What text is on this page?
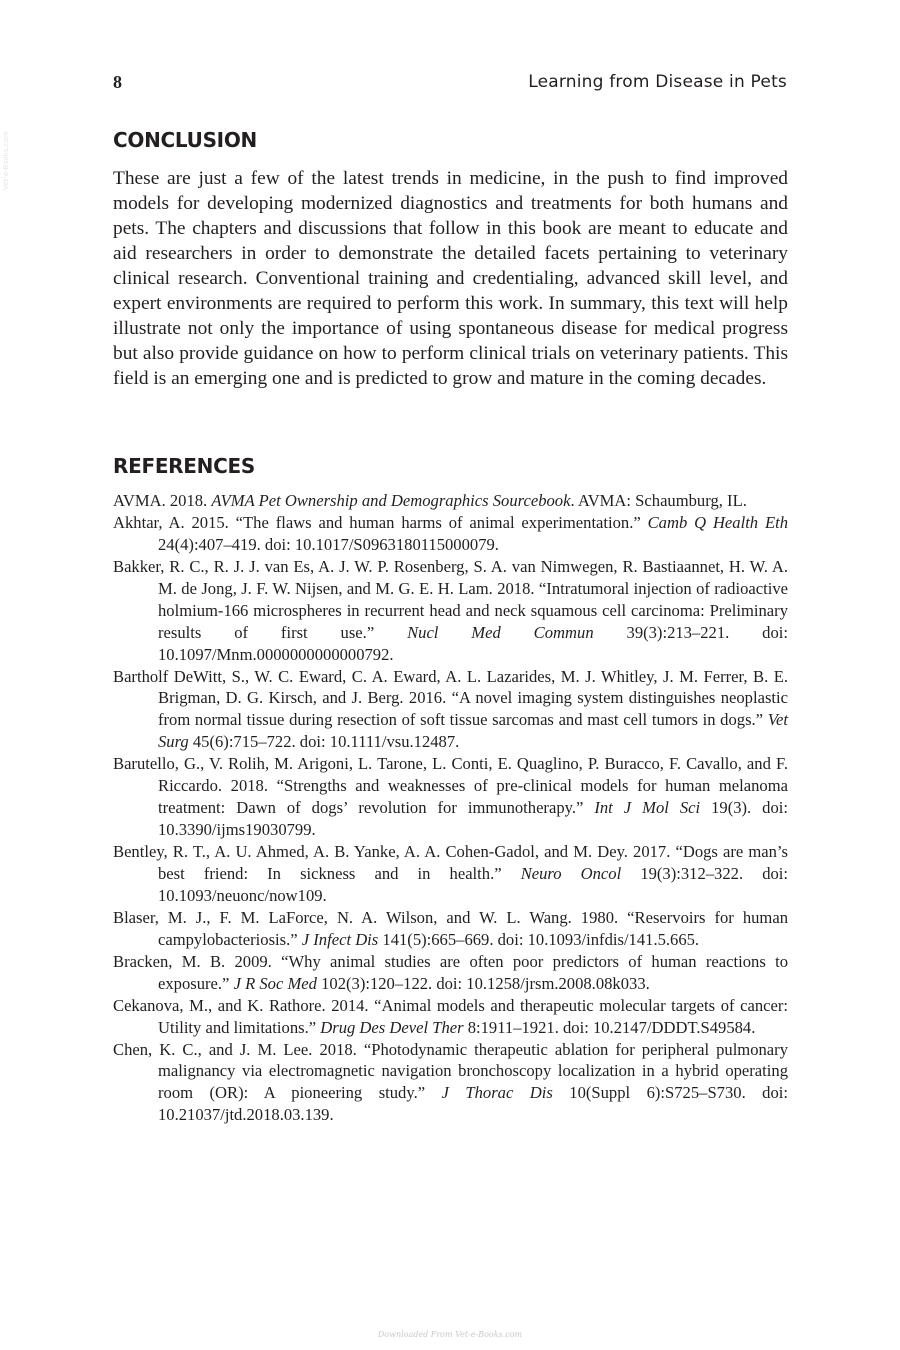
Vet-e-Books.com
8	Learning from Disease in Pets
CONCLUSION

These are just a few of the latest trends in medicine, in the push to find improved models for developing modernized diagnostics and treatments for both humans and pets. The chapters and discussions that follow in this book are meant to educate and aid researchers in order to demonstrate the detailed facets pertaining to veterinary clinical research. Conventional training and credentialing, advanced skill level, and expert environments are required to perform this work. In summary, this text will help illustrate not only the importance of using spontaneous disease for medical progress but also provide guidance on how to perform clinical trials on veterinary patients. This field is an emerging one and is predicted to grow and mature in the coming decades.

REFERENCES
AVMA. 2018. AVMA Pet Ownership and Demographics Sourcebook. AVMA: Schaumburg, IL.
Akhtar, A. 2015. “The flaws and human harms of animal experimentation.” Camb Q Health Eth 24(4):407–419. doi: 10.1017/S0963180115000079.
Bakker, R. C., R. J. J. van Es, A. J. W. P. Rosenberg, S. A. van Nimwegen, R. Bastiaannet, H. W. A. M. de Jong, J. F. W. Nijsen, and M. G. E. H. Lam. 2018. “Intratumoral injection of radioactive holmium-166 microspheres in recurrent head and neck squamous cell carcinoma: Preliminary results of first use.” Nucl Med Commun 39(3):213–221. doi: 10.1097/Mnm.0000000000000792.
Bartholf DeWitt, S., W. C. Eward, C. A. Eward, A. L. Lazarides, M. J. Whitley, J. M. Ferrer, B. E. Brigman, D. G. Kirsch, and J. Berg. 2016. “A novel imaging system distinguishes neoplastic from normal tissue during resection of soft tissue sarcomas and mast cell tumors in dogs.” Vet Surg 45(6):715–722. doi: 10.1111/vsu.12487.
Barutello, G., V. Rolih, M. Arigoni, L. Tarone, L. Conti, E. Quaglino, P. Buracco, F. Cavallo, and F. Riccardo. 2018. “Strengths and weaknesses of pre-clinical models for human melanoma treatment: Dawn of dogs’ revolution for immunotherapy.” Int J Mol Sci 19(3). doi: 10.3390/ijms19030799.
Bentley, R. T., A. U. Ahmed, A. B. Yanke, A. A. Cohen-Gadol, and M. Dey. 2017. “Dogs are man’s best friend: In sickness and in health.” Neuro Oncol 19(3):312–322. doi: 10.1093/neuonc/now109.
Blaser, M. J., F. M. LaForce, N. A. Wilson, and W. L. Wang. 1980. “Reservoirs for human campylobacteriosis.” J Infect Dis 141(5):665–669. doi: 10.1093/infdis/141.5.665.
Bracken, M. B. 2009. “Why animal studies are often poor predictors of human reactions to exposure.” J R Soc Med 102(3):120–122. doi: 10.1258/jrsm.2008.08k033.
Cekanova, M., and K. Rathore. 2014. “Animal models and therapeutic molecular targets of cancer: Utility and limitations.” Drug Des Devel Ther 8:1911–1921. doi: 10.2147/DDDT.S49584.
Chen, K. C., and J. M. Lee. 2018. “Photodynamic therapeutic ablation for peripheral pulmonary malignancy via electromagnetic navigation bronchoscopy localization in a hybrid operating room (OR): A pioneering study.” J Thorac Dis 10(Suppl 6):S725–S730. doi: 10.21037/jtd.2018.03.139.
Downloaded From Vet-e-Books.com
